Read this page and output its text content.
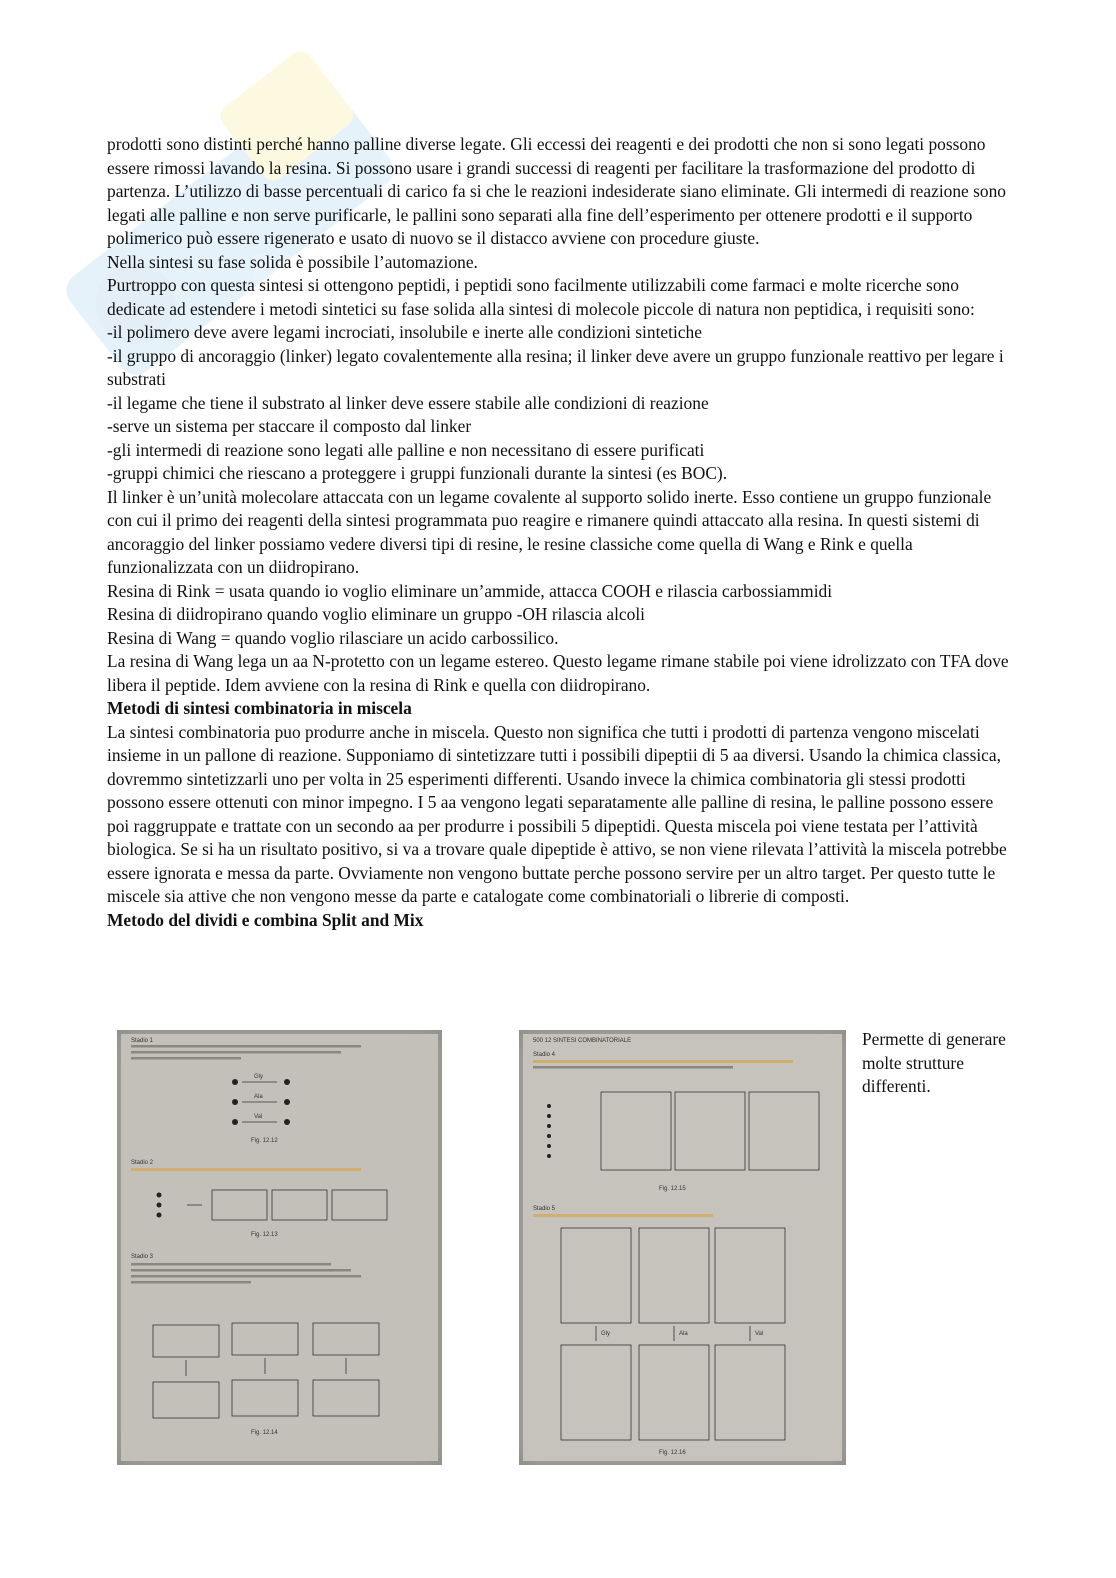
prodotti sono distinti perché hanno palline diverse legate. Gli eccessi dei reagenti e dei prodotti che non si sono legati possono essere rimossi lavando la resina. Si possono usare i grandi successi di reagenti per facilitare la trasformazione del prodotto di partenza. L’utilizzo di basse percentuali di carico fa si che le reazioni indesiderate siano eliminate. Gli intermedi di reazione sono legati alle palline e non serve purificarle, le pallini sono separati alla fine dell’esperimento per ottenere prodotti e il supporto polimerico può essere rigenerato e usato di nuovo se il distacco avviene con procedure giuste.

Nella sintesi su fase solida è possibile l’automazione.

Purtroppo con questa sintesi si ottengono peptidi, i peptidi sono facilmente utilizzabili come farmaci e molte ricerche sono dedicate ad estendere i metodi sintetici su fase solida alla sintesi di molecole piccole di natura non peptidica, i requisiti sono:

-il polimero deve avere legami incrociati, insolubile e inerte alle condizioni sintetiche

-il gruppo di ancoraggio (linker) legato covalentemente alla resina; il linker deve avere un gruppo funzionale reattivo per legare i substrati

-il legame che tiene il substrato al linker deve essere stabile alle condizioni di reazione

-serve un sistema per staccare il composto dal linker

-gli intermedi di reazione sono legati alle palline e non necessitano di essere purificati

-gruppi chimici che riescano a proteggere i gruppi funzionali durante la sintesi (es BOC).

Il linker è un’unità molecolare attaccata con un legame covalente al supporto solido inerte. Esso contiene un gruppo funzionale con cui il primo dei reagenti della sintesi programmata puo reagire e rimanere quindi attaccato alla resina. In questi sistemi di ancoraggio del linker possiamo vedere diversi tipi di resine, le resine classiche come quella di Wang e Rink e quella funzionalizzata con un diidropirano.

Resina di Rink = usata quando io voglio eliminare un’ammide, attacca COOH e rilascia carbossiammidi

Resina di diidropirano quando voglio eliminare un gruppo -OH rilascia alcoli

Resina di Wang = quando voglio rilasciare un acido carbossilico.

La resina di Wang lega un aa N-protetto con un legame estereo. Questo legame rimane stabile poi viene idrolizzato con TFA dove libera il peptide. Idem avviene con la resina di Rink e quella con diidropirano.

Metodi di sintesi combinatoria in miscela

La sintesi combinatoria puo produrre anche in miscela. Questo non significa che tutti i prodotti di partenza vengono miscelati insieme in un pallone di reazione. Supponiamo di sintetizzare tutti i possibili dipeptii di 5 aa diversi. Usando la chimica classica, dovremmo sintetizzarli uno per volta in 25 esperimenti differenti. Usando invece la chimica combinatoria gli stessi prodotti possono essere ottenuti con minor impegno. I 5 aa vengono legati separatamente alle palline di resina, le palline possono essere poi raggruppate e trattate con un secondo aa per produrre i possibili 5 dipeptidi. Questa miscela poi viene testata per l’attività biologica. Se si ha un risultato positivo, si va a trovare quale dipeptide è attivo, se non viene rilevata l’attività la miscela potrebbe essere ignorata e messa da parte. Ovviamente non vengono buttate perche possono servire per un altro target. Per questo tutte le miscele sia attive che non vengono messe da parte e catalogate come combinatoriali o librerie di composti.

Metodo del dividi e combina Split and Mix
Stadio 1
Gly
Ala
Val
Fig. 12.12
Stadio 2
Fig. 12.13
Stadio 3
Fig. 12.14
500 12 SINTESI COMBINATORIALE
Stadio 4
Fig. 12.15
Stadio 5
Gly	Ala	Val
Fig. 12.16
Permette di generare molte strutture differenti.
